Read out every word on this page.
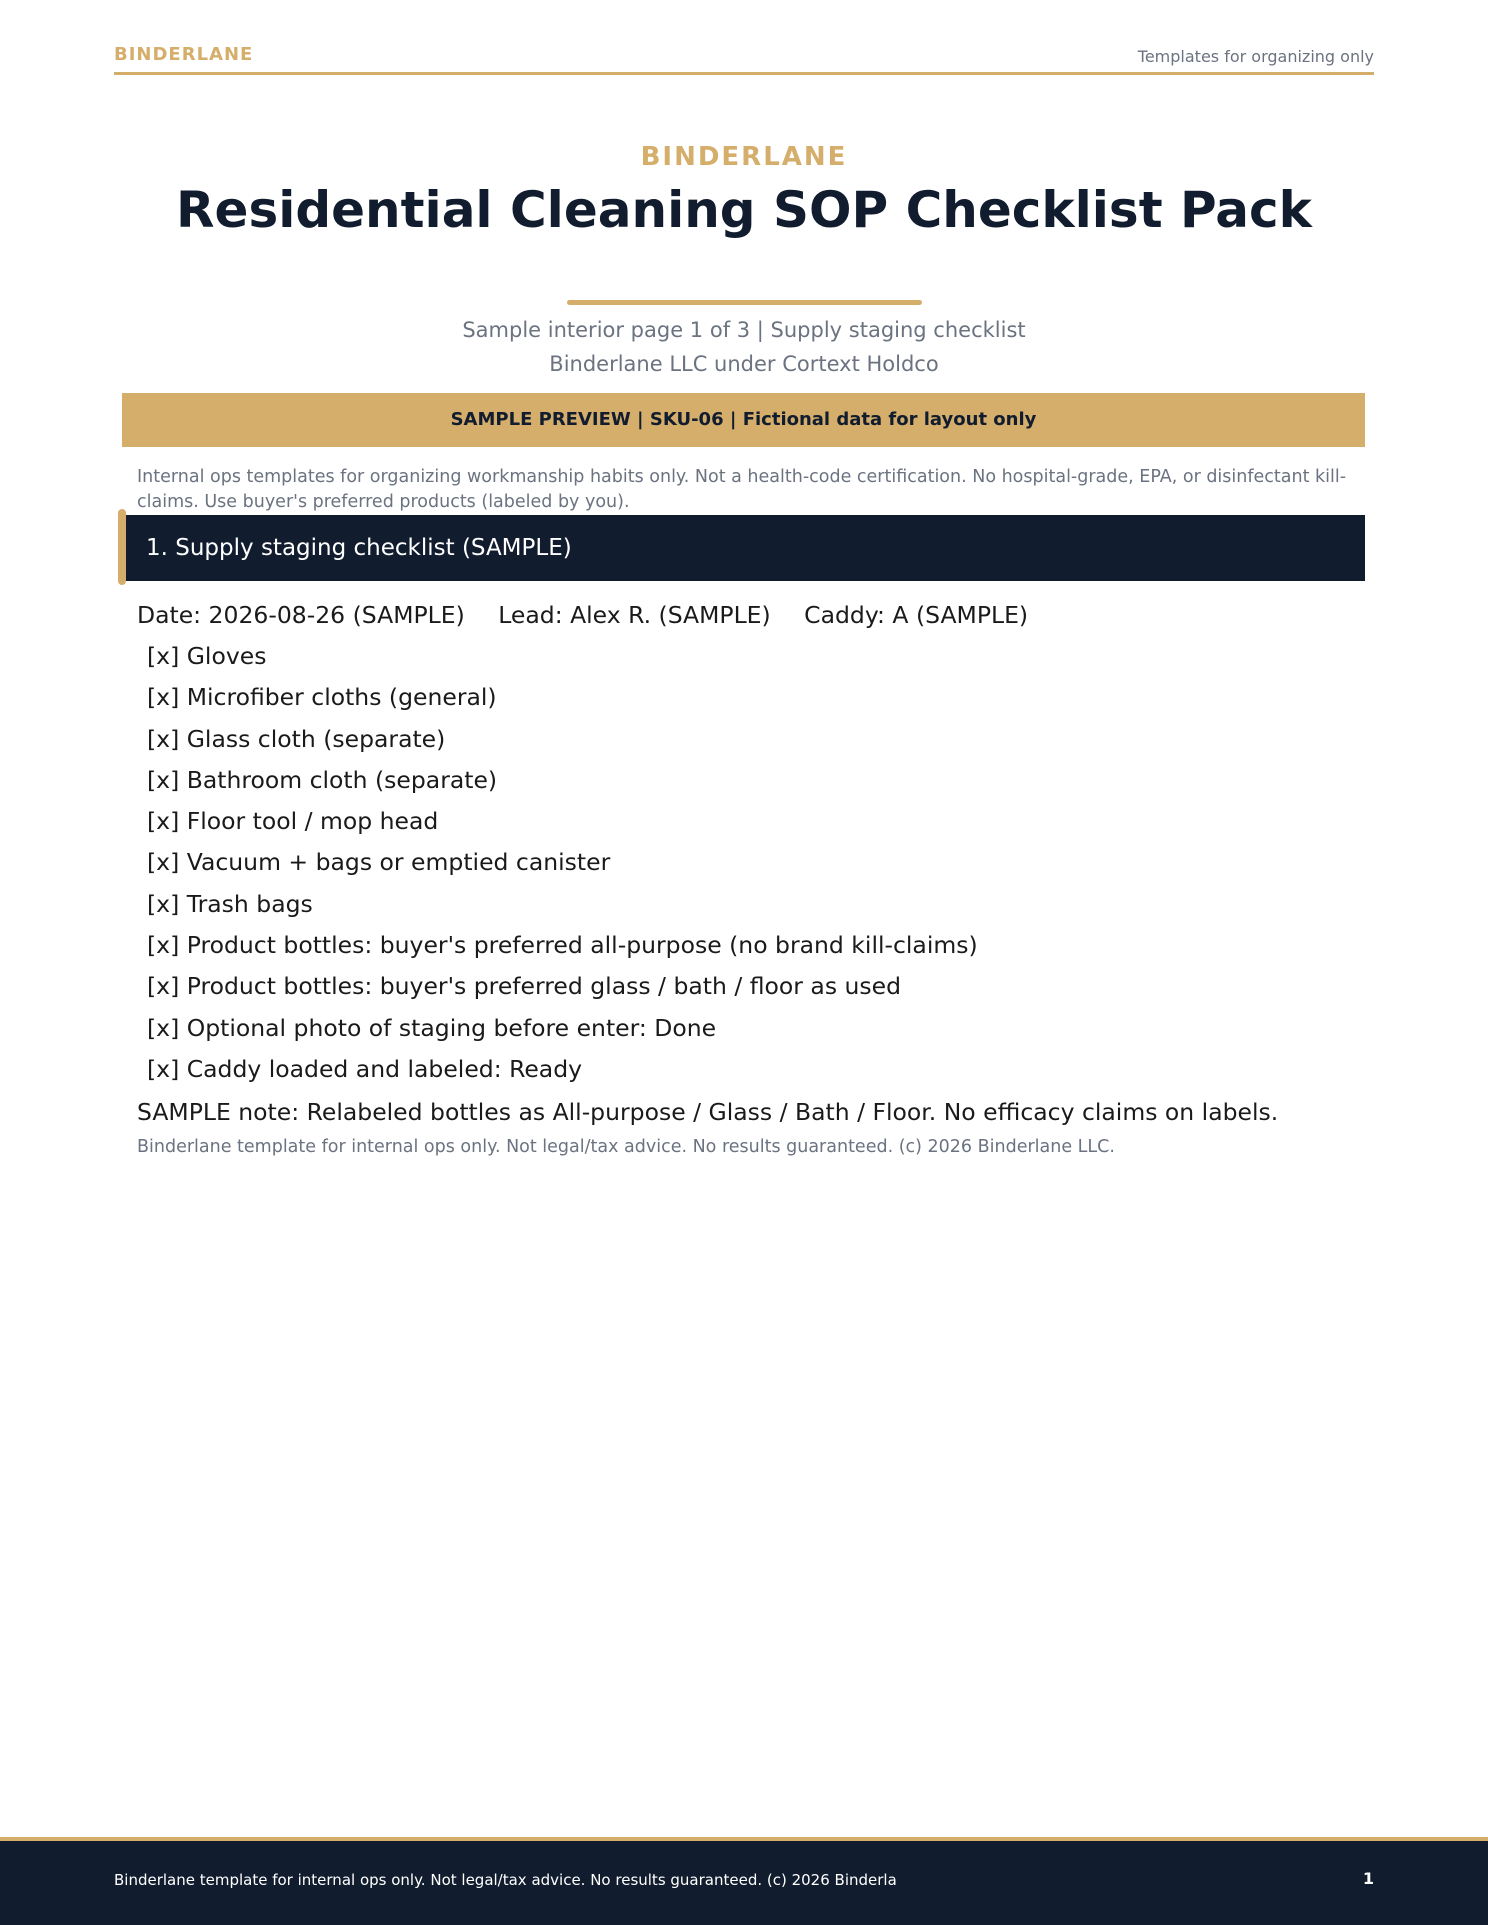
BINDERLANE	Templates for organizing only
BINDERLANE
Residential Cleaning SOP Checklist Pack
Sample interior page 1 of 3 | Supply staging checklist
Binderlane LLC under Cortext Holdco
SAMPLE PREVIEW | SKU-06 | Fictional data for layout only
Internal ops templates for organizing workmanship habits only. Not a health-code certification. No hospital-grade, EPA, or disinfectant kill-claims. Use buyer's preferred products (labeled by you).
1. Supply staging checklist (SAMPLE)
Date: 2026-08-26 (SAMPLE) Lead: Alex R. (SAMPLE) Caddy: A (SAMPLE)
[x] Gloves
[x] Microfiber cloths (general)
[x] Glass cloth (separate)
[x] Bathroom cloth (separate)
[x] Floor tool / mop head
[x] Vacuum + bags or emptied canister
[x] Trash bags
[x] Product bottles: buyer's preferred all-purpose (no brand kill-claims)
[x] Product bottles: buyer's preferred glass / bath / floor as used
[x] Optional photo of staging before enter: Done
[x] Caddy loaded and labeled: Ready
SAMPLE note: Relabeled bottles as All-purpose / Glass / Bath / Floor. No efficacy claims on labels.
Binderlane template for internal ops only. Not legal/tax advice. No results guaranteed. (c) 2026 Binderlane LLC.
Binderlane template for internal ops only. Not legal/tax advice. No results guaranteed. (c) 2026 Binderla	1
